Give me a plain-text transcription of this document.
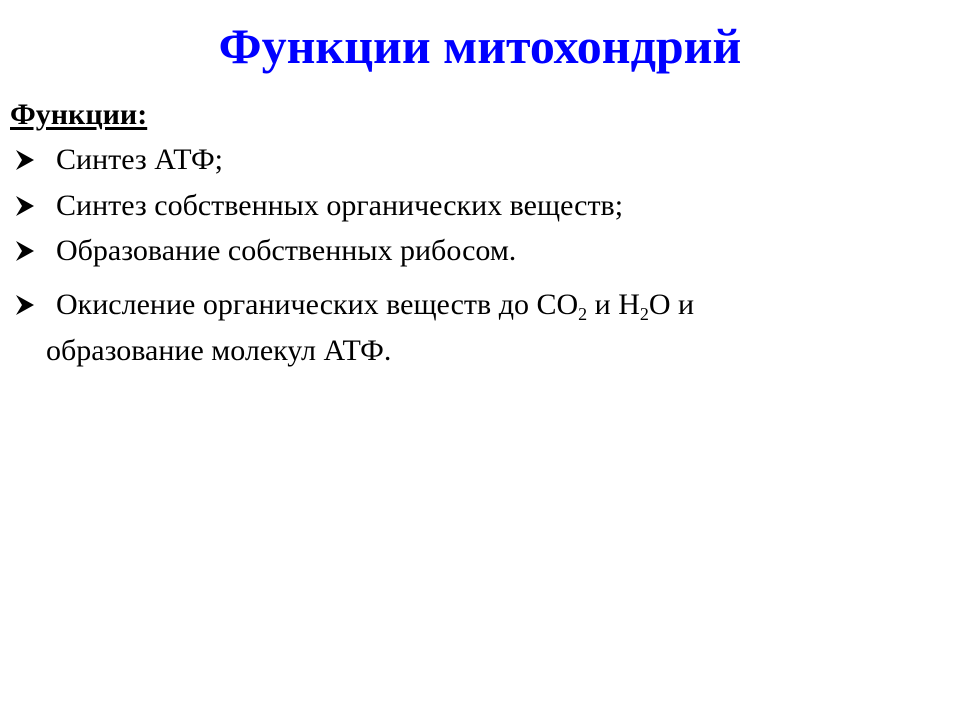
Функции митохондрий
Функции:
Синтез АТФ;
Синтез собственных органических веществ;
Образование собственных рибосом.
Окисление органических веществ до $СО_2$ и $Н_2О$ и
образование молекул АТФ.
